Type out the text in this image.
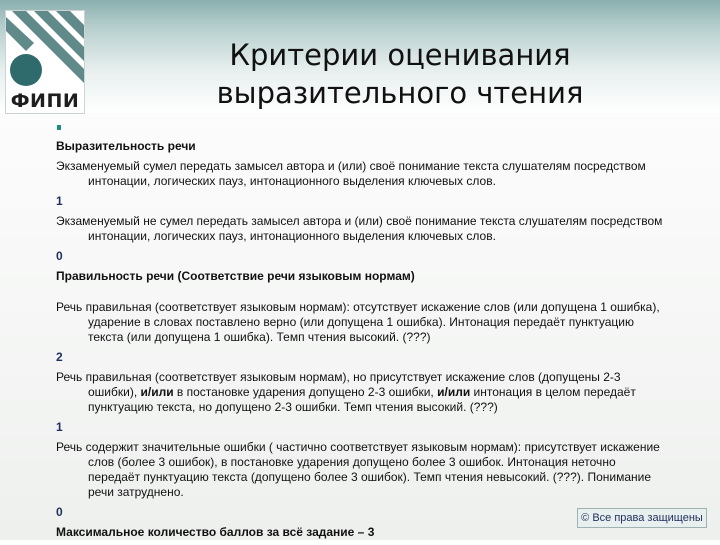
ФИПИ
Критерии оценивания
выразительного чтения

Выразительность речи

Экзаменуемый сумел передать замысел автора и (или) своё понимание текста слушателям посредством интонации, логических пауз, интонационного выделения ключевых слов.

1

Экзаменуемый не сумел передать замысел автора и (или) своё понимание текста слушателям посредством интонации, логических пауз, интонационного выделения ключевых слов.

0

Правильность речи (Соответствие речи языковым нормам)

Речь правильная (соответствует языковым нормам): отсутствует искажение слов (или допущена 1 ошибка), ударение в словах поставлено верно (или допущена 1 ошибка). Интонация передаёт пунктуацию текста (или допущена 1 ошибка). Темп чтения высокий. (???)

2

Речь правильная (соответствует языковым нормам), но присутствует искажение слов (допущены 2-3 ошибки), и/или в постановке ударения допущено 2-3 ошибки, и/или интонация в целом передаёт пунктуацию текста, но допущено 2-3 ошибки. Темп чтения высокий. (???)

1

Речь содержит значительные ошибки ( частично соответствует языковым нормам): присутствует искажение слов (более 3 ошибок), в постановке ударения допущено более 3 ошибок. Интонация неточно передаёт пунктуацию текста (допущено более 3 ошибок). Темп чтения невысокий. (???). Понимание речи затруднено.

0

Максимальное количество баллов за всё задание – 3

© Все права защищены
